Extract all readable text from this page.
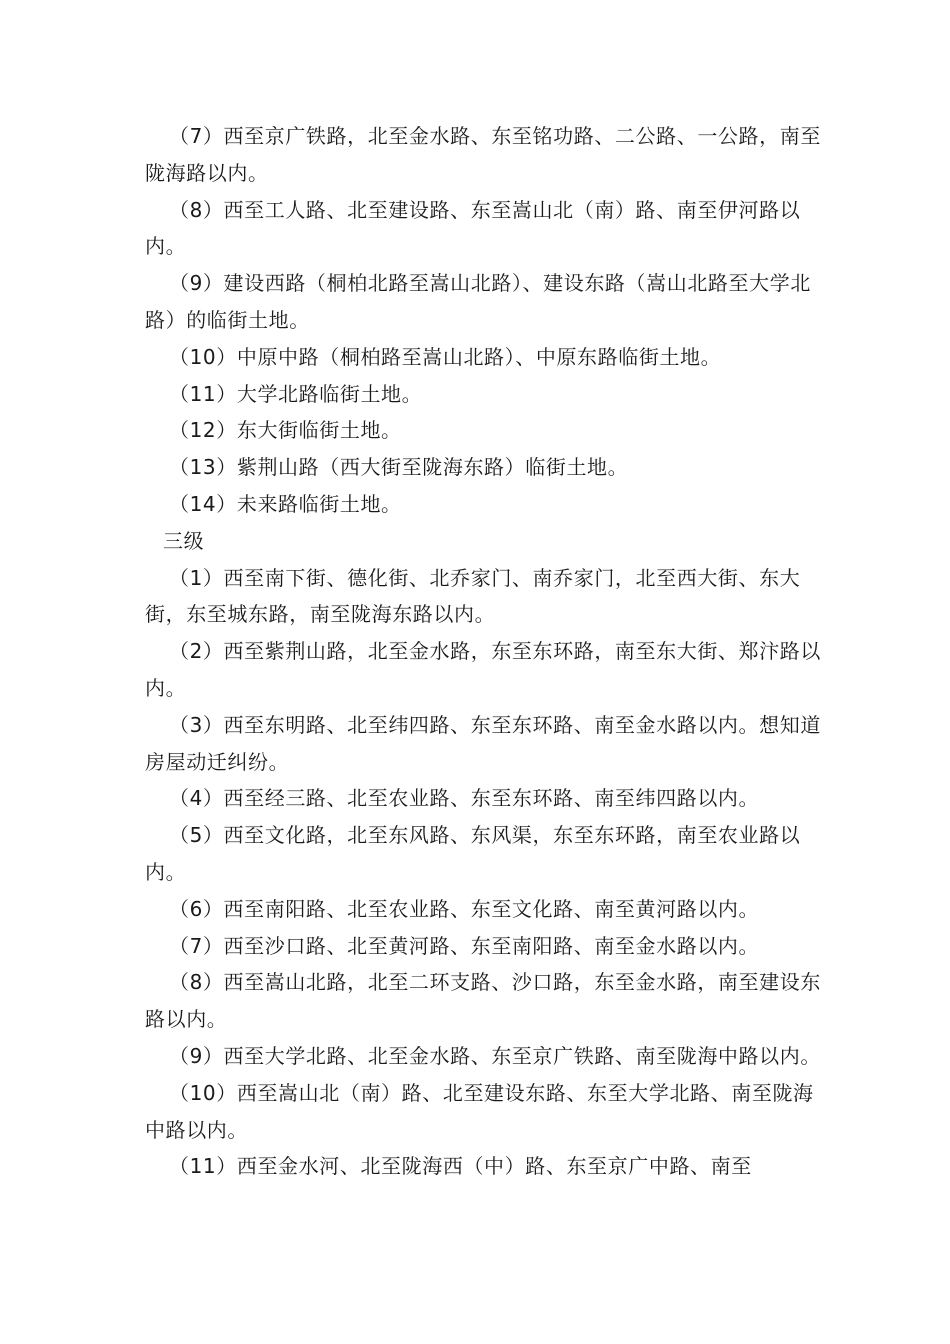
（7）西至京广铁路，北至金水路、东至铭功路、二公路、一公路，南至陇海路以内。

（8）西至工人路、北至建设路、东至嵩山北（南）路、南至伊河路以内。

（9）建设西路（桐柏北路至嵩山北路）、建设东路（嵩山北路至大学北路）的临街土地。

（10）中原中路（桐柏路至嵩山北路）、中原东路临街土地。

（11）大学北路临街土地。

（12）东大街临街土地。

（13）紫荆山路（西大街至陇海东路）临街土地。

（14）未来路临街土地。

三级

（1）西至南下街、德化街、北乔家门、南乔家门，北至西大街、东大街，东至城东路，南至陇海东路以内。

（2）西至紫荆山路，北至金水路，东至东环路，南至东大街、郑汴路以内。

（3）西至东明路、北至纬四路、东至东环路、南至金水路以内。想知道房屋动迁纠纷。

（4）西至经三路、北至农业路、东至东环路、南至纬四路以内。

（5）西至文化路，北至东风路、东风渠，东至东环路，南至农业路以内。

（6）西至南阳路、北至农业路、东至文化路、南至黄河路以内。

（7）西至沙口路、北至黄河路、东至南阳路、南至金水路以内。

（8）西至嵩山北路，北至二环支路、沙口路，东至金水路，南至建设东路以内。

（9）西至大学北路、北至金水路、东至京广铁路、南至陇海中路以内。

（10）西至嵩山北（南）路、北至建设东路、东至大学北路、南至陇海中路以内。

（11）西至金水河、北至陇海西（中）路、东至京广中路、南至
